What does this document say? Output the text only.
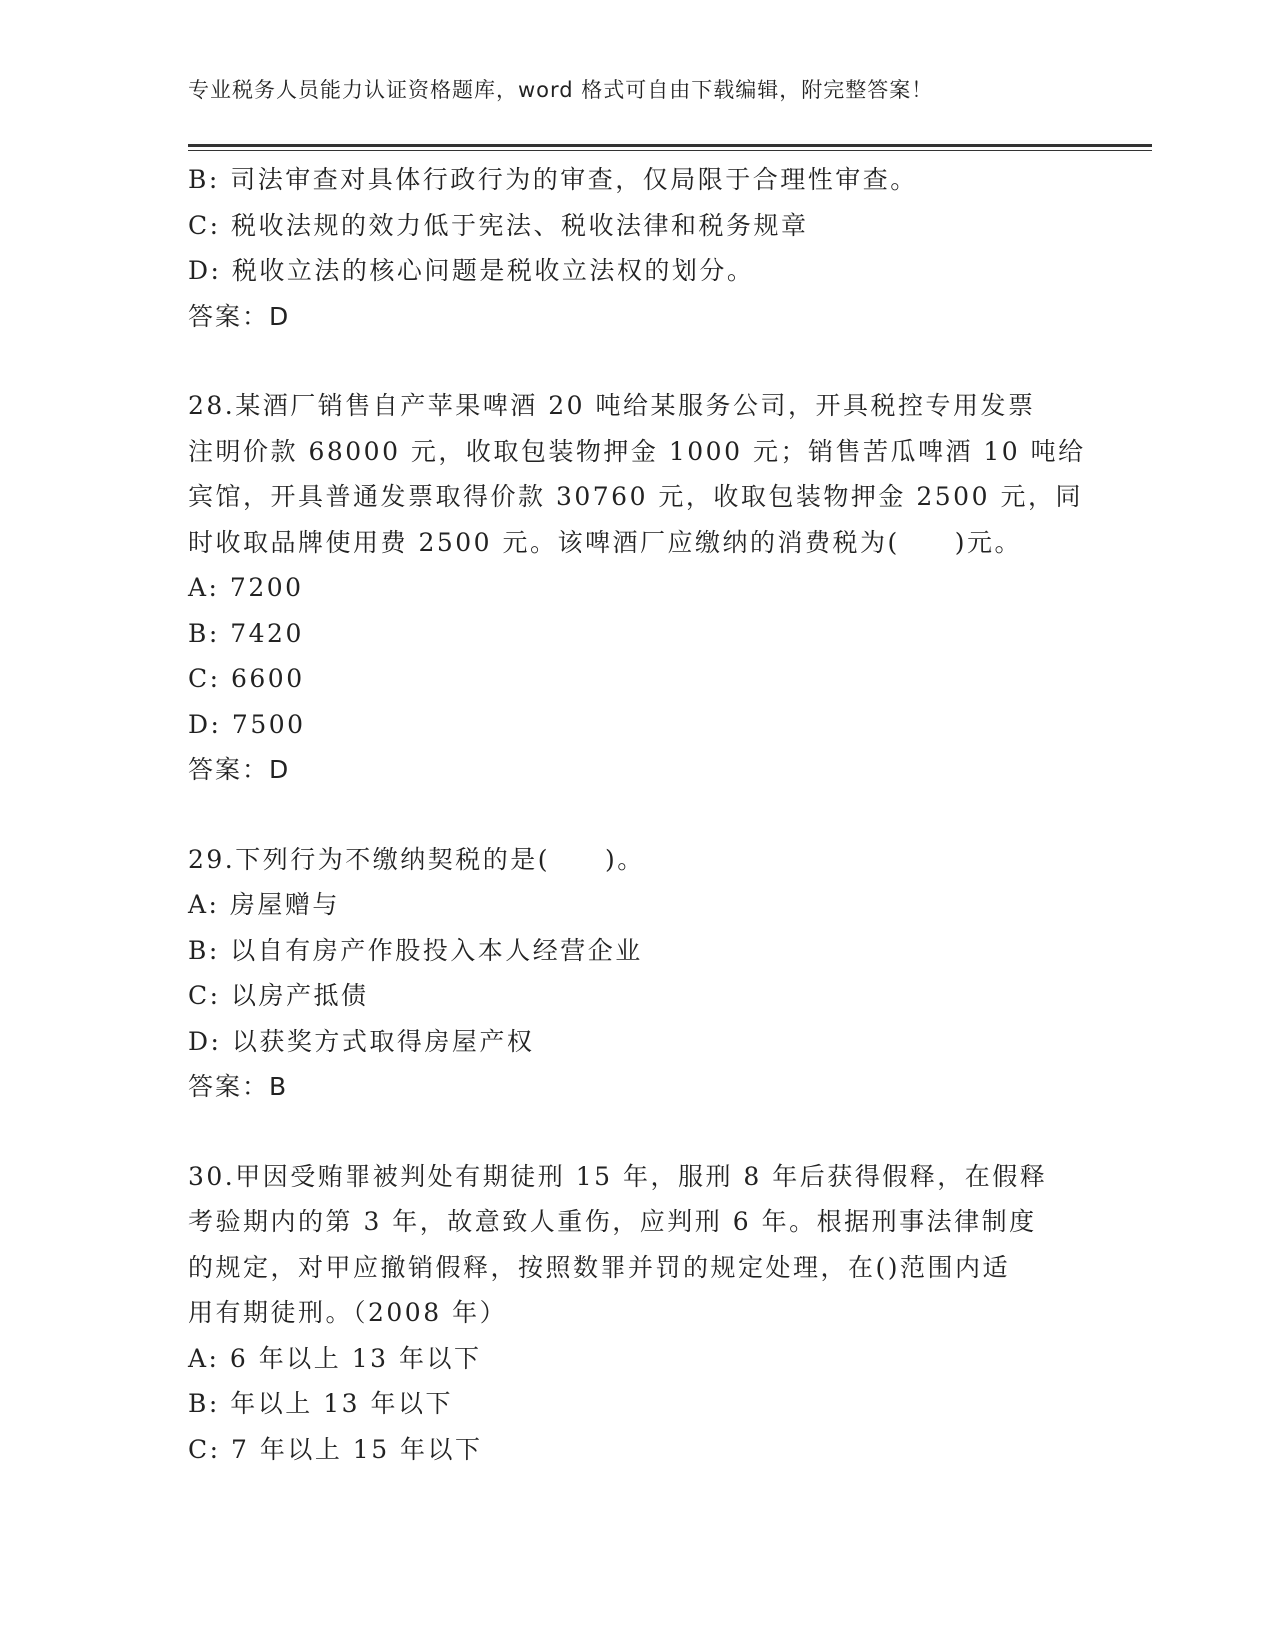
专业税务人员能力认证资格题库，word 格式可自由下载编辑，附完整答案！
B: 司法审查对具体行政行为的审查，仅局限于合理性审查。
C: 税收法规的效力低于宪法、税收法律和税务规章
D: 税收立法的核心问题是税收立法权的划分。
答案：D
28.某酒厂销售自产苹果啤酒 20 吨给某服务公司，开具税控专用发票
注明价款 68000 元，收取包装物押金 1000 元；销售苦瓜啤酒 10 吨给
宾馆，开具普通发票取得价款 30760 元，收取包装物押金 2500 元，同
时收取品牌使用费 2500 元。该啤酒厂应缴纳的消费税为(　　)元。
A: 7200
B: 7420
C: 6600
D: 7500
答案：D
29.下列行为不缴纳契税的是(　　)。
A: 房屋赠与
B: 以自有房产作股投入本人经营企业
C: 以房产抵债
D: 以获奖方式取得房屋产权
答案：B
30.甲因受贿罪被判处有期徒刑 15 年，服刑 8 年后获得假释，在假释
考验期内的第 3 年，故意致人重伤，应判刑 6 年。根据刑事法律制度
的规定，对甲应撤销假释，按照数罪并罚的规定处理，在()范围内适
用有期徒刑。（2008 年）
A: 6 年以上 13 年以下
B: 年以上 13 年以下
C: 7 年以上 15 年以下
